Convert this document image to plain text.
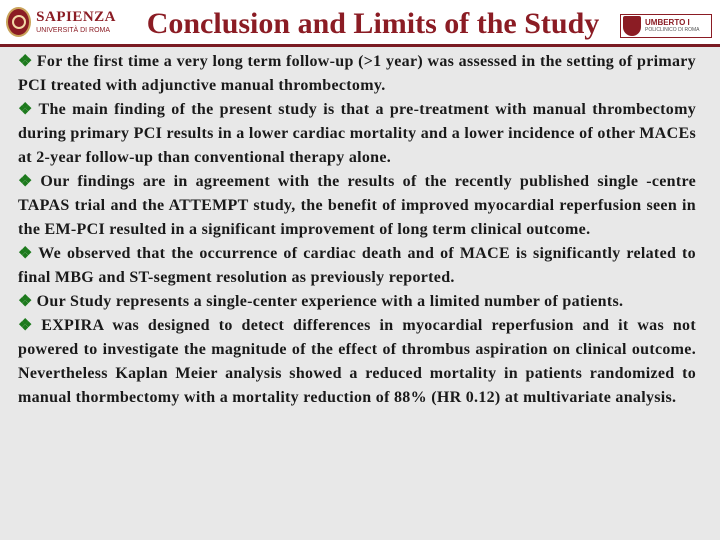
SAPIENZA
UNIVERSITÀ DI ROMA	Conclusion and Limits of the Study	UMBERTO I
POLICLINICO DI ROMA

❖ For the first time a very long term follow-up (>1 year) was assessed in the setting of primary PCI treated with adjunctive manual thrombectomy.

❖ The main finding of the present study is that a pre-treatment with manual thrombectomy during primary PCI results in a lower cardiac mortality and a lower incidence of other MACEs at 2-year follow-up than conventional therapy alone.

❖ Our findings are in agreement with the results of the recently published single -centre TAPAS trial and the ATTEMPT study, the benefit of improved myocardial reperfusion seen in the EM-PCI resulted in a significant improvement of long term clinical outcome.

❖ We observed that the occurrence of cardiac death and of MACE is significantly related to final MBG and ST-segment resolution as previously reported.

❖ Our Study represents a single-center experience with a limited number of patients.

❖ EXPIRA was designed to detect differences in myocardial reperfusion and it was not powered to investigate the magnitude of the effect of thrombus aspiration on clinical outcome. Nevertheless Kaplan Meier analysis showed a reduced mortality in patients randomized to manual thormbectomy with a mortality reduction of 88% (HR 0.12) at multivariate analysis.
